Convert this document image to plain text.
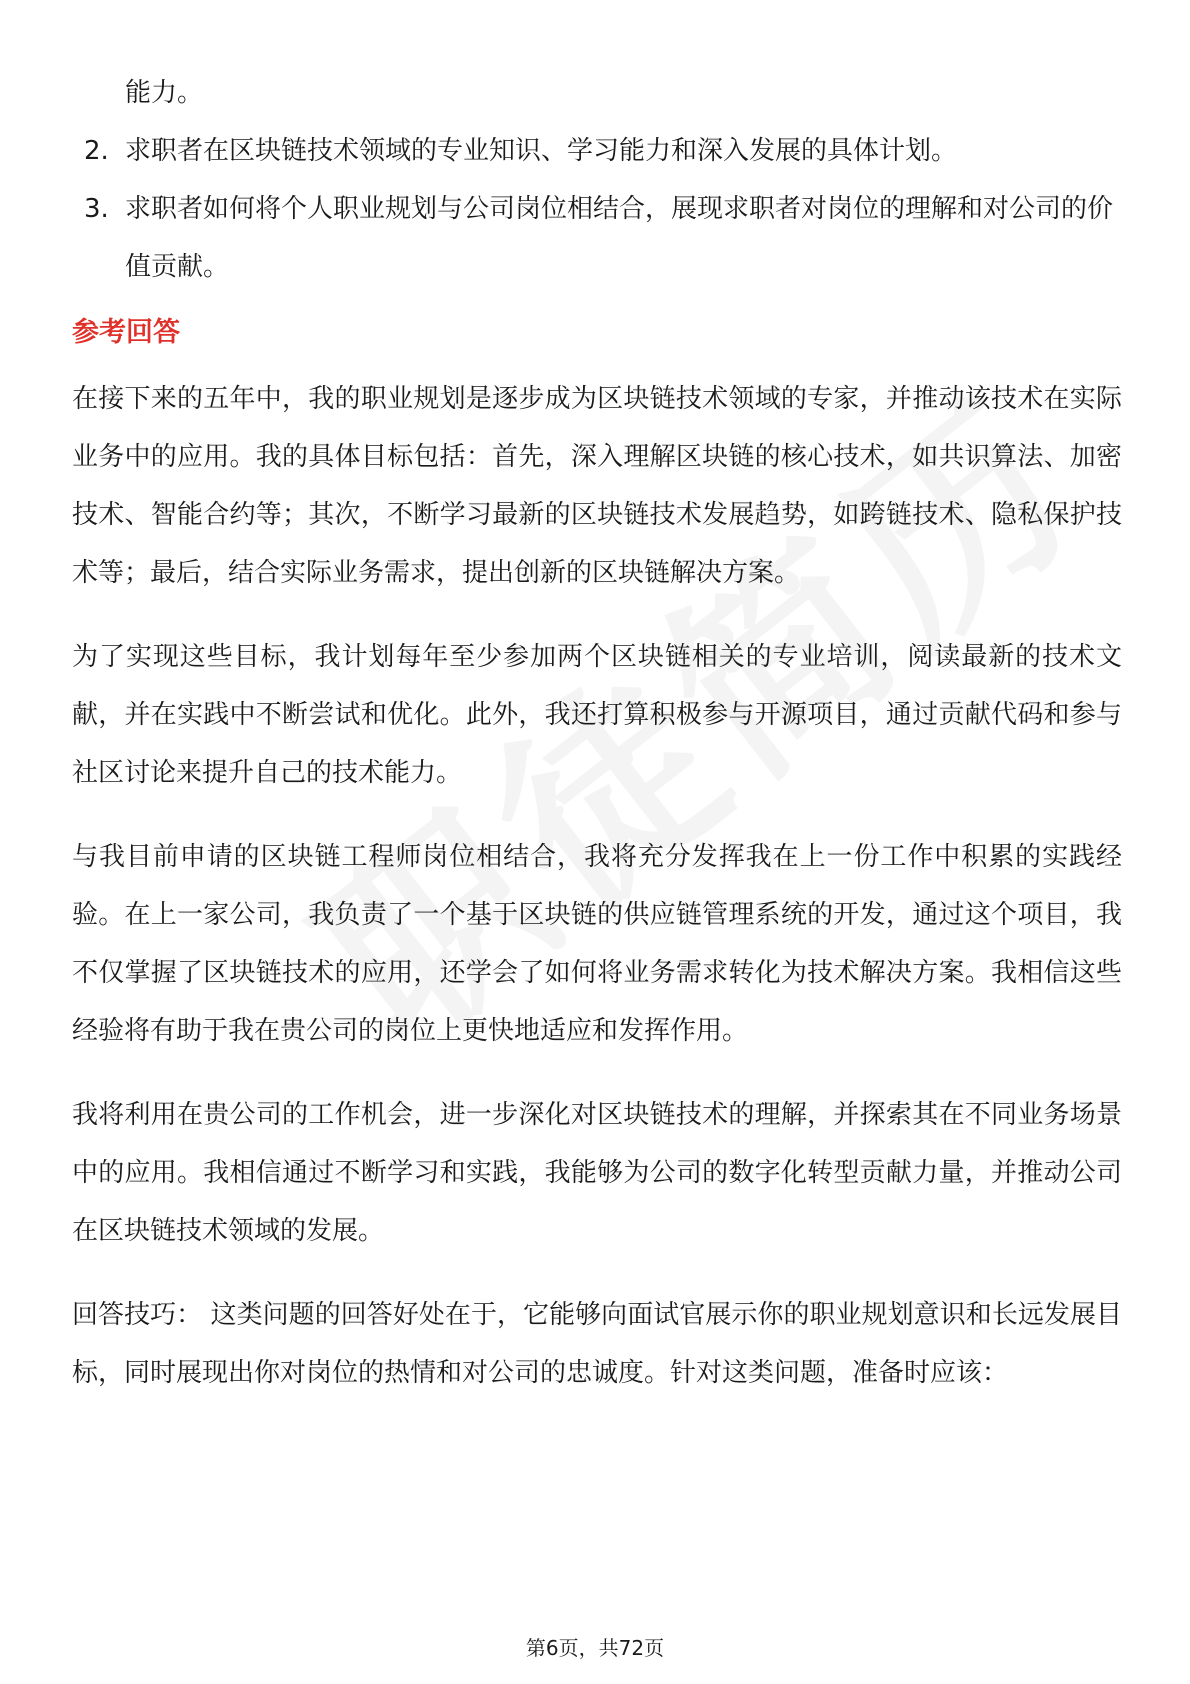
能力。

2. 求职者在区块链技术领域的专业知识、学习能力和深入发展的具体计划。
3. 求职者如何将个人职业规划与公司岗位相结合，展现求职者对岗位的理解和对公司的价值贡献。
参考回答

在接下来的五年中，我的职业规划是逐步成为区块链技术领域的专家，并推动该技术在实际业务中的应用。我的具体目标包括：首先，深入理解区块链的核心技术，如共识算法、加密技术、智能合约等；其次，不断学习最新的区块链技术发展趋势，如跨链技术、隐私保护技术等；最后，结合实际业务需求，提出创新的区块链解决方案。

为了实现这些目标，我计划每年至少参加两个区块链相关的专业培训，阅读最新的技术文献，并在实践中不断尝试和优化。此外，我还打算积极参与开源项目，通过贡献代码和参与社区讨论来提升自己的技术能力。

与我目前申请的区块链工程师岗位相结合，我将充分发挥我在上一份工作中积累的实践经验。在上一家公司，我负责了一个基于区块链的供应链管理系统的开发，通过这个项目，我不仅掌握了区块链技术的应用，还学会了如何将业务需求转化为技术解决方案。我相信这些经验将有助于我在贵公司的岗位上更快地适应和发挥作用。

我将利用在贵公司的工作机会，进一步深化对区块链技术的理解，并探索其在不同业务场景中的应用。我相信通过不断学习和实践，我能够为公司的数字化转型贡献力量，并推动公司在区块链技术领域的发展。

回答技巧： 这类问题的回答好处在于，它能够向面试官展示你的职业规划意识和长远发展目标，同时展现出你对岗位的热情和对公司的忠诚度。针对这类问题，准备时应该：

第6页，共72页
